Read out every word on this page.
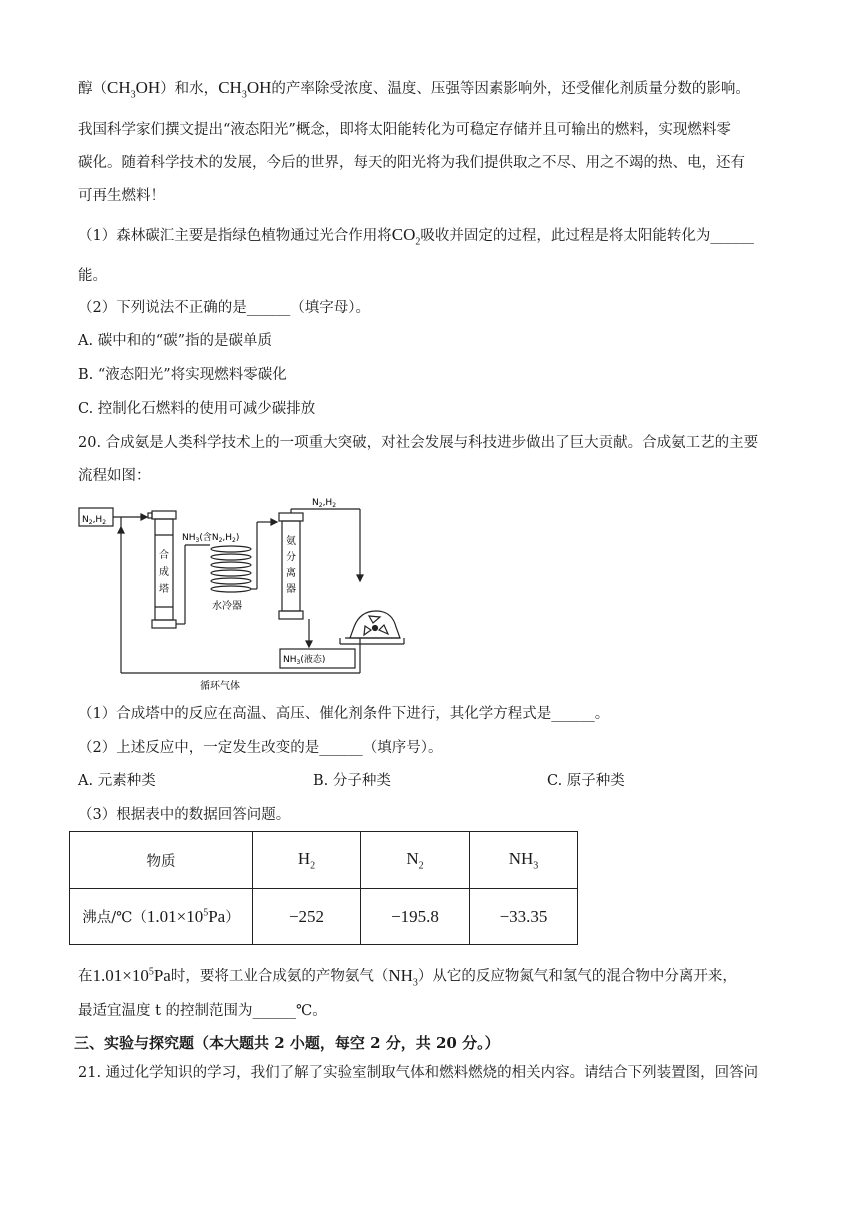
醇$(CH_3OH)$和水，$CH_3OH$的产率除受浓度、温度、压强等因素影响外，还受催化剂质量分数的影响。
我国科学家们撰文提出“液态阳光”概念，即将太阳能转化为可稳定存储并且可输出的燃料，实现燃料零
碳化。随着科学技术的发展，今后的世界，每天的阳光将为我们提供取之不尽、用之不竭的热、电，还有
可再生燃料！
（1）森林碳汇主要是指绿色植物通过光合作用将$CO_2$吸收并固定的过程，此过程是将太阳能转化为______
能。
（2）下列说法不正确的是______（填字母）。
A. 碳中和的“碳”指的是碳单质
B. “液态阳光”将实现燃料零碳化
C. 控制化石燃料的使用可减少碳排放
20. 合成氨是人类科学技术上的一项重大突破，对社会发展与科技进步做出了巨大贡献。合成氨工艺的主要
流程如图：
$N_2,H_2$
合
成
塔
$NH_3$(含$N_2,H_2$)
水冷器
氨
分
离
器
$N_2,H_2$
$NH_3$(液态)
循环气体
（1）合成塔中的反应在高温、高压、催化剂条件下进行，其化学方程式是______。
（2）上述反应中，一定发生改变的是______（填序号）。
A. 元素种类	B. 分子种类	C. 原子种类
（3）根据表中的数据回答问题。
物质	$H_2$	$N_2$	$NH_3$
沸点$/℃(1.01\times 10^5Pa)$	−252	−195.8	−33.35
在$1.01\times 10^5Pa$时，要将工业合成氨的产物氨气$(NH_3)$从它的反应物氮气和氢气的混合物中分离开来，
最适宜温度 t 的控制范围为______℃。
三、实验与探究题（本大题共 2 小题，每空 2 分，共 20 分。）
21. 通过化学知识的学习，我们了解了实验室制取气体和燃料燃烧的相关内容。请结合下列装置图，回答问
